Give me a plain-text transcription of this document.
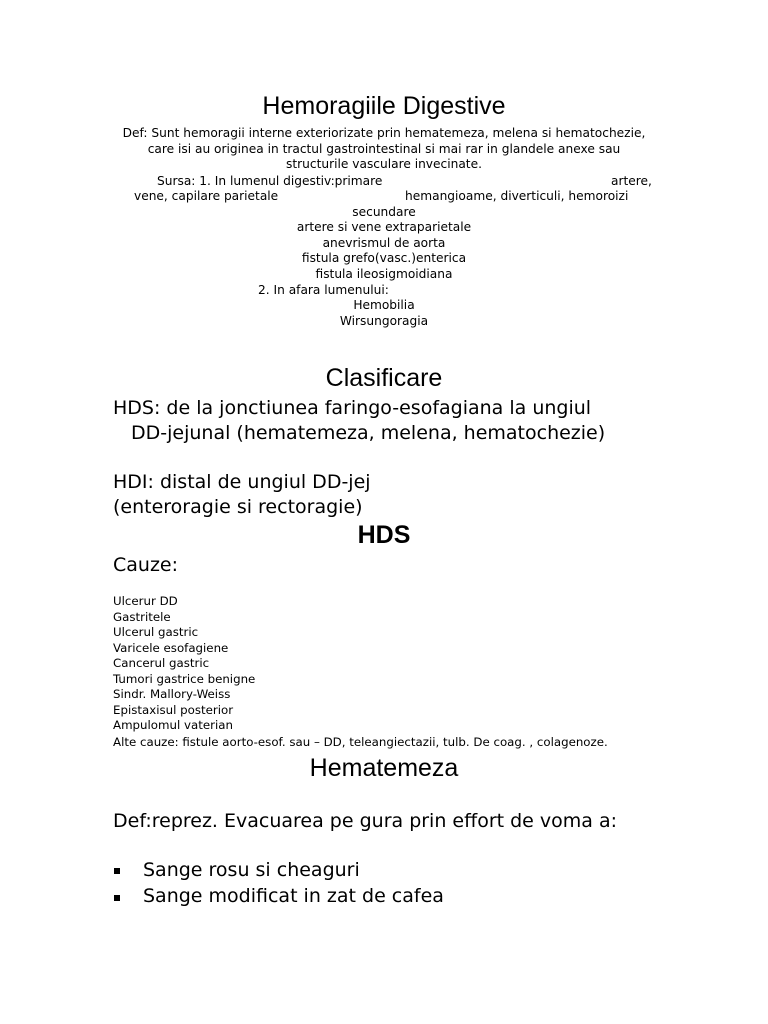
Hemoragiile Digestive
Def: Sunt hemoragii interne exteriorizate prin hematemeza, melena si hematochezie,
care isi au originea in tractul gastrointestinal si mai rar in glandele anexe sau
structurile vasculare invecinate.
Sursa: 1. In lumenul digestiv:primare	artere,
vene, capilare parietale	hemangioame, diverticuli, hemoroizi
secundare
artere si vene extraparietale
anevrismul de aorta
fistula grefo(vasc.)enterica
fistula ileosigmoidiana
2. In afara lumenului:
Hemobilia
Wirsungoragia
Clasificare
HDS: de la jonctiunea faringo-esofagiana la ungiul
DD-jejunal (hematemeza, melena, hematochezie)
HDI: distal de ungiul DD-jej
(enteroragie si rectoragie)
HDS
Cauze:
Ulcerur DD
Gastritele
Ulcerul gastric
Varicele esofagiene
Cancerul gastric
Tumori gastrice benigne
Sindr. Mallory-Weiss
Epistaxisul posterior
Ampulomul vaterian
Alte cauze: fistule aorto-esof. sau – DD, teleangiectazii, tulb. De coag. , colagenoze.
Hematemeza
Def:reprez. Evacuarea pe gura prin effort de voma a:
Sange rosu si cheaguri
Sange modificat in zat de cafea
